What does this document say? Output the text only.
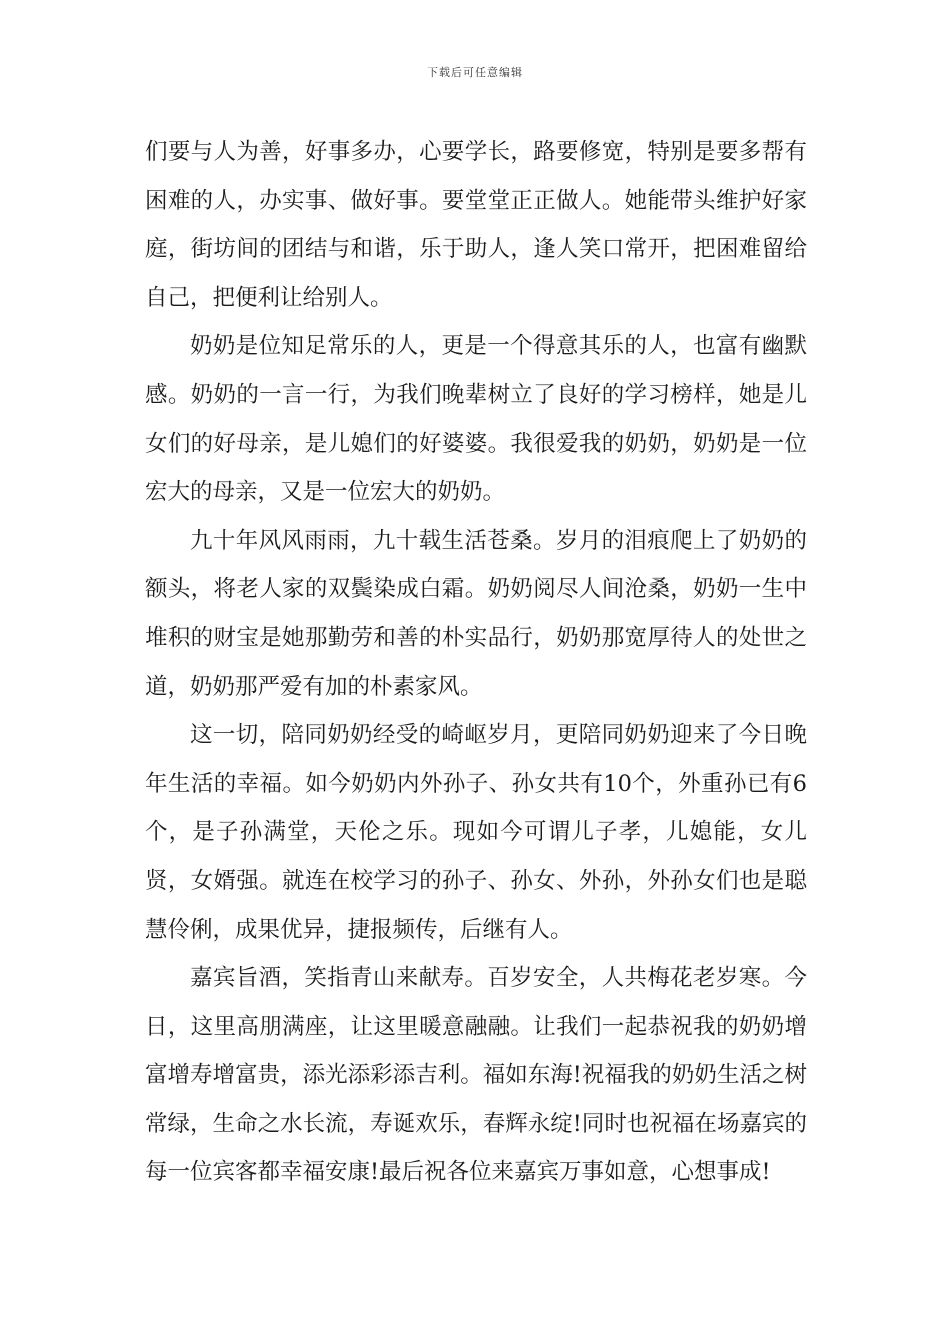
下载后可任意编辑

们要与人为善，好事多办，心要学长，路要修宽，特别是要多帮有困难的人，办实事、做好事。要堂堂正正做人。她能带头维护好家庭，街坊间的团结与和谐，乐于助人，逢人笑口常开，把困难留给自己，把便利让给别人。

奶奶是位知足常乐的人，更是一个得意其乐的人，也富有幽默感。奶奶的一言一行，为我们晚辈树立了良好的学习榜样，她是儿女们的好母亲，是儿媳们的好婆婆。我很爱我的奶奶，奶奶是一位宏大的母亲，又是一位宏大的奶奶。

九十年风风雨雨，九十载生活苍桑。岁月的泪痕爬上了奶奶的额头，将老人家的双鬓染成白霜。奶奶阅尽人间沧桑，奶奶一生中堆积的财宝是她那勤劳和善的朴实品行，奶奶那宽厚待人的处世之道，奶奶那严爱有加的朴素家风。

这一切，陪同奶奶经受的崎岖岁月，更陪同奶奶迎来了今日晚年生活的幸福。如今奶奶内外孙子、孙女共有10个，外重孙已有6个，是子孙满堂，天伦之乐。现如今可谓儿子孝，儿媳能，女儿贤，女婿强。就连在校学习的孙子、孙女、外孙，外孙女们也是聪慧伶俐，成果优异，捷报频传，后继有人。

嘉宾旨酒，笑指青山来献寿。百岁安全，人共梅花老岁寒。今日，这里高朋满座，让这里暖意融融。让我们一起恭祝我的奶奶增富增寿增富贵，添光添彩添吉利。福如东海!祝福我的奶奶生活之树常绿，生命之水长流，寿诞欢乐，春辉永绽!同时也祝福在场嘉宾的每一位宾客都幸福安康!最后祝各位来嘉宾万事如意，心想事成!
